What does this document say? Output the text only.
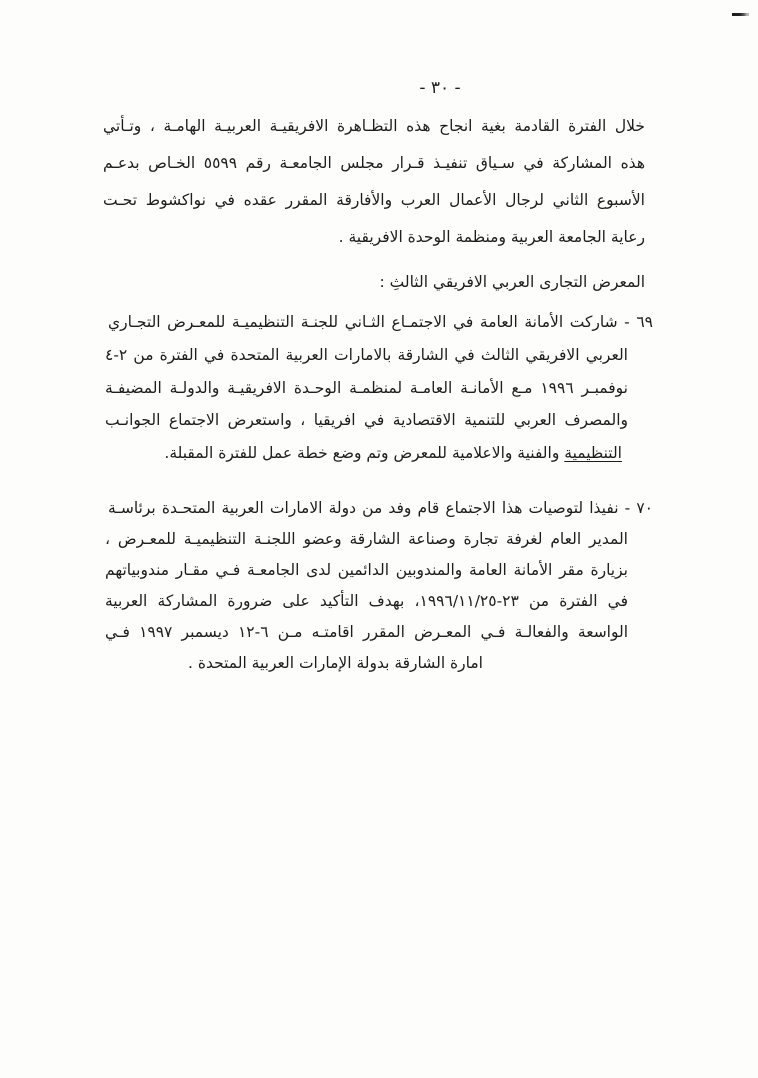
- ٣٠ -
خلال الفترة القادمة بغية انجاح هذه التظـاهرة الافريقيـة العربيـة الهامـة ، وتـأتي
هذه المشاركة في سـياق تنفيـذ قـرار مجلس الجامعـة رقم ٥٥٩٩ الخـاص بدعـم
الأسبوع الثاني لرجال الأعمال العرب والأفارقة المقرر عقده في نواكشوط تحـت
رعاية الجامعة العربية ومنظمة الوحدة الافريقية .
المعرض التجارى العربي الافريقي الثالثِ :
٦٩ - شاركت الأمانة العامة في الاجتمـاع الثـاني للجنـة التنظيميـة للمعـرض التجـاري
العربي الافريقي الثالث في الشارقة بالامارات العربية المتحدة في الفترة من ٢-٤
نوفمبـر ١٩٩٦ مـع الأمانـة العامـة لمنظمـة الوحـدة الافريقيـة والدولـة المضيفـة
والمصرف العربي للتنمية الاقتصادية في افريقيا ، واستعرض الاجتماع الجوانـب
التنظيمية والفنية والاعلامية للمعرض وتم وضع خطة عمل للفترة المقبلة.
٧٠ - نفيذا لتوصيات هذا الاجتماع قام وفد من دولة الامارات العربية المتحـدة برئاسـة
المدير العام لغرفة تجارة وصناعة الشارقة وعضو اللجنـة التنظيميـة للمعـرض ،
بزيارة مقر الأمانة العامة والمندوبين الدائمين لدى الجامعـة فـي مقـار مندوبياتهم
في الفترة من ٢٣-١٩٩٦/١١/٢٥، بهدف التأكيد على ضرورة المشاركة العربية
الواسعة والفعالـة فـي المعـرض المقرر اقامتـه مـن ٦-١٢ ديسمبر ١٩٩٧ فـي
امارة الشارقة بدولة الإمارات العربية المتحدة .
